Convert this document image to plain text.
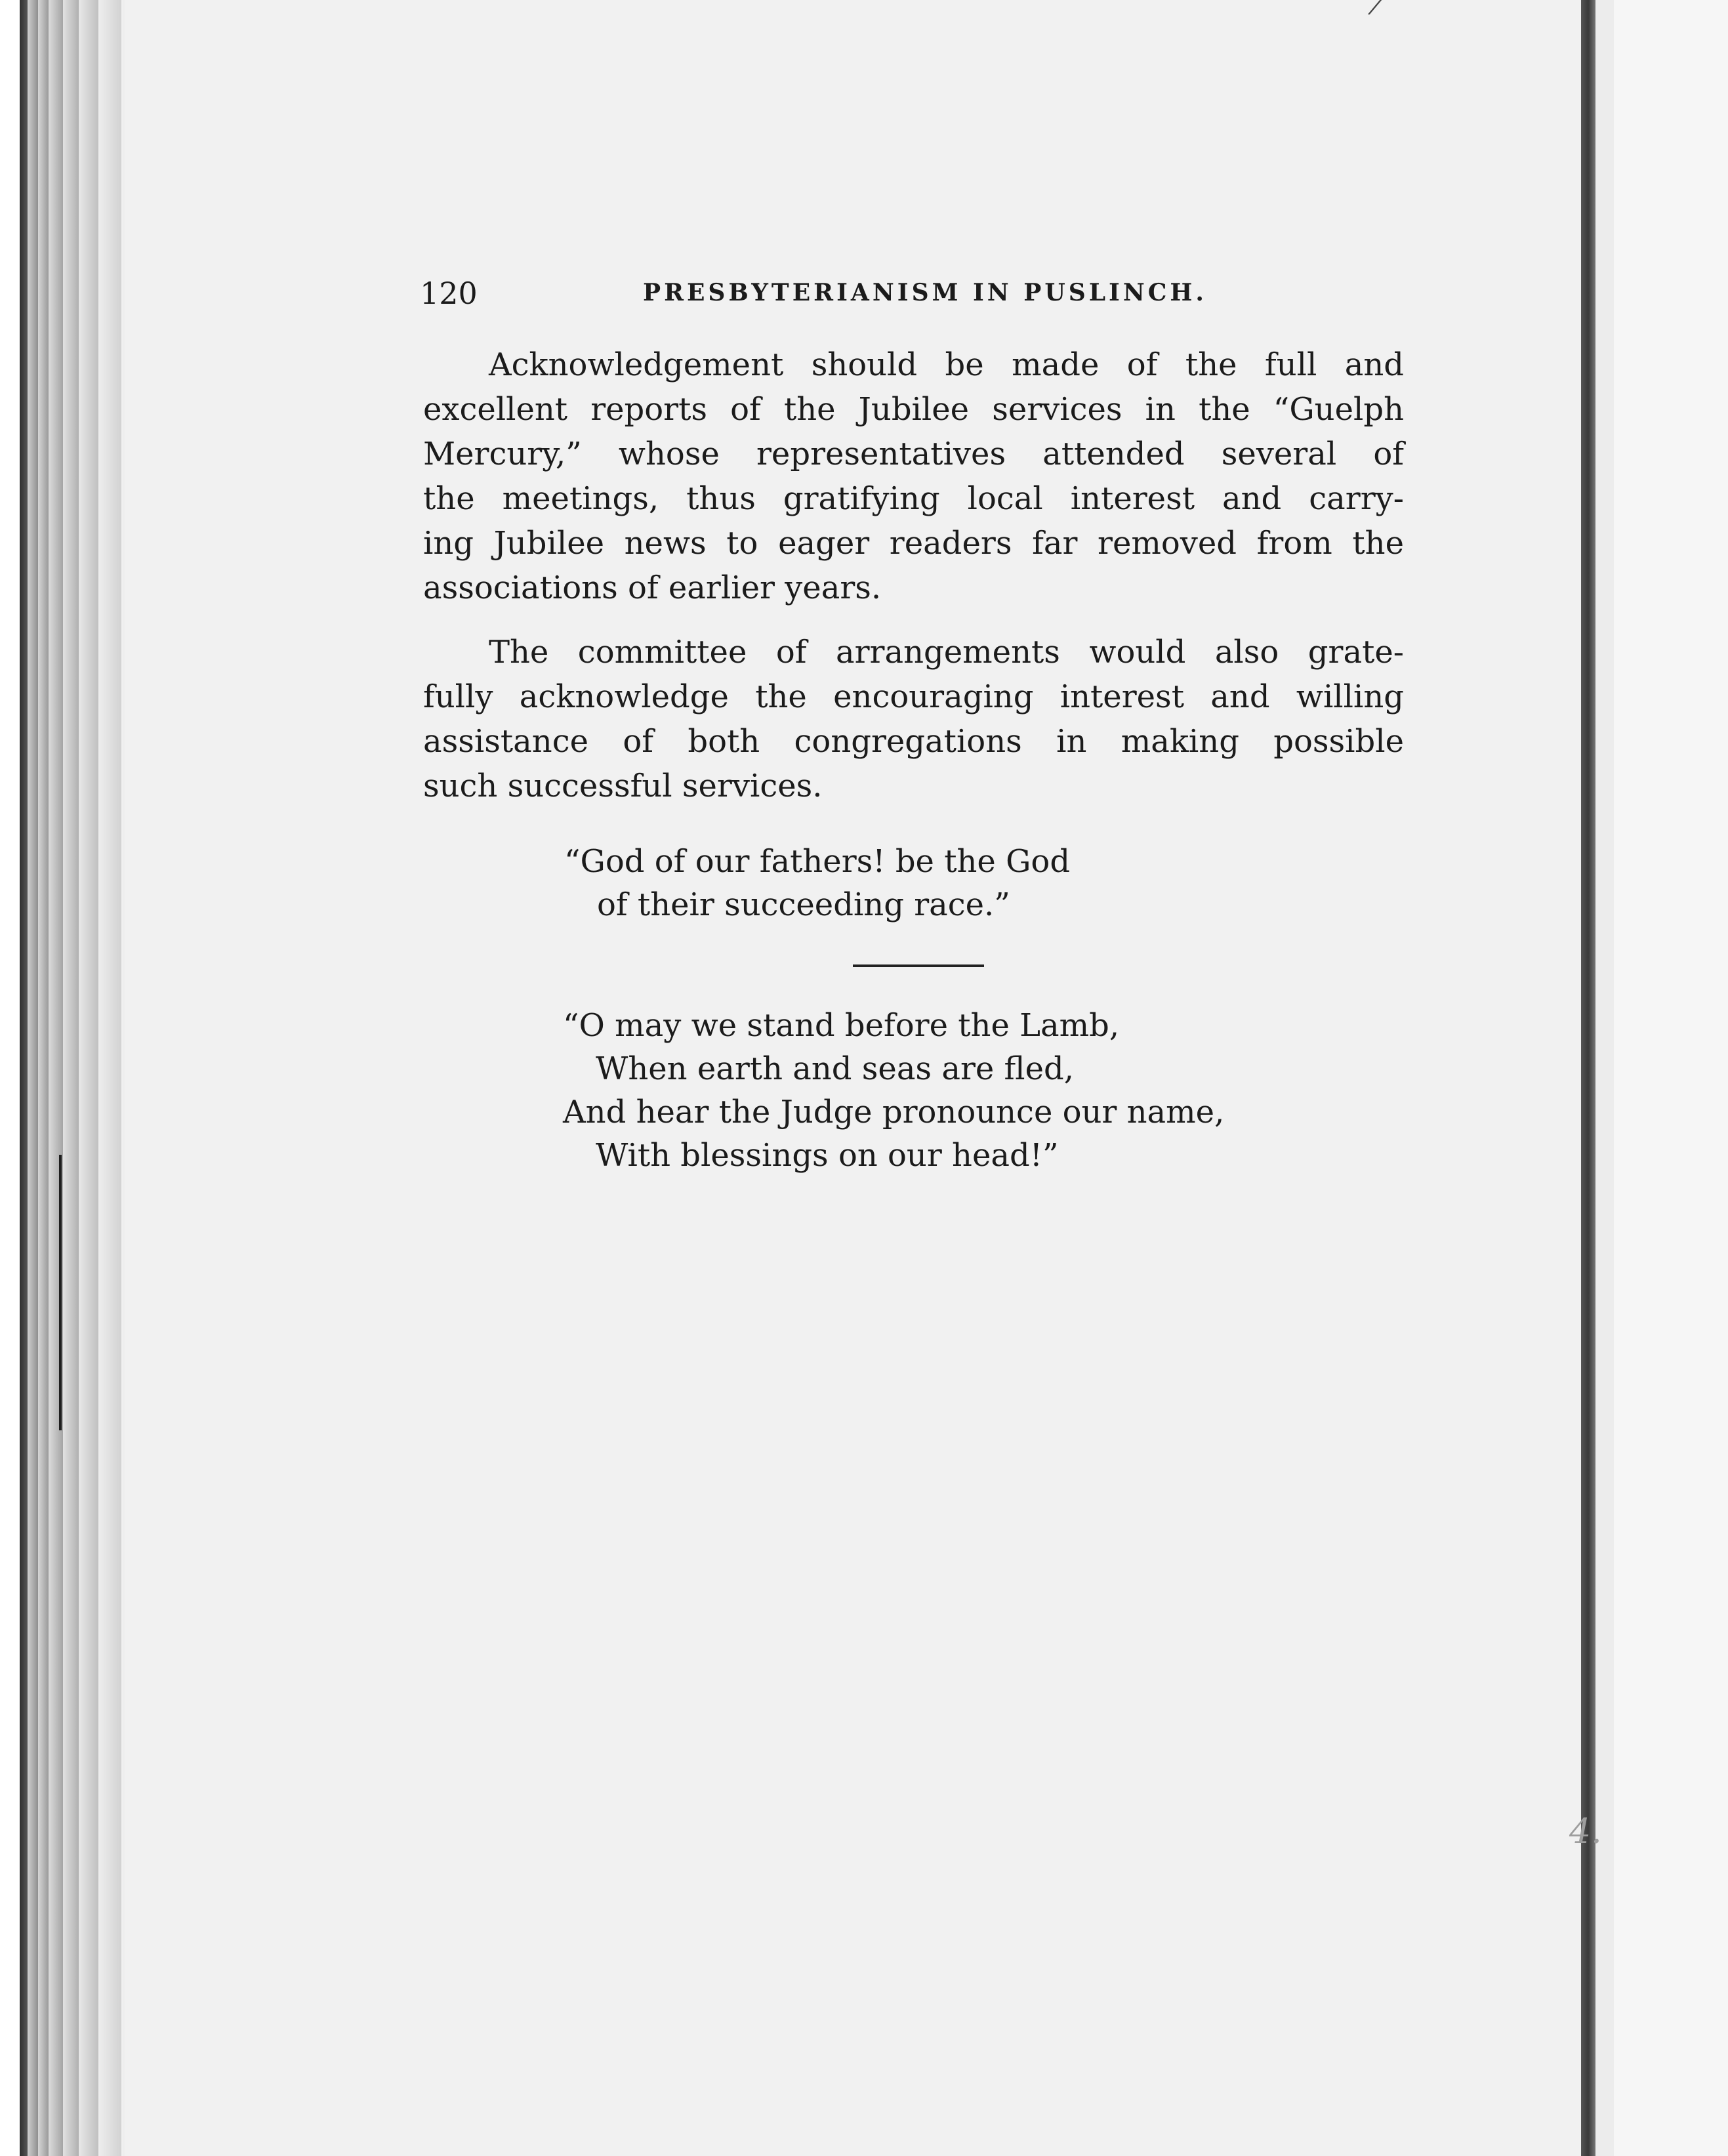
120	PRESBYTERIANISM IN PUSLINCH.
Acknowledgement should be made of the full and
excellent reports of the Jubilee services in the “Guelph
Mercury,” whose representatives attended several of
the meetings, thus gratifying local interest and carry-
ing Jubilee news to eager readers far removed from the
associations of earlier years.
The committee of arrangements would also grate-
fully acknowledge the encouraging interest and willing
assistance of both congregations in making possible
such successful services.
“God of our fathers! be the God
of their succeeding race.”
“O may we stand before the Lamb,
When earth and seas are fled,
And hear the Judge pronounce our name,
With blessings on our head!”
4.
